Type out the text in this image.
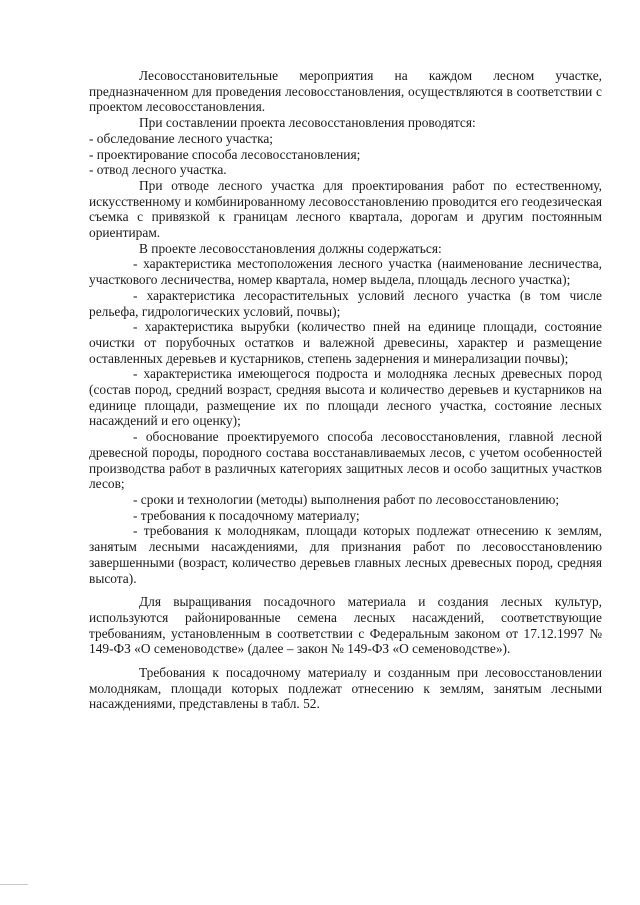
Лесовосстановительные мероприятия на каждом лесном участке, предназначенном для проведения лесовосстановления, осуществляются в соответствии с проектом лесовосстановления.

При составлении проекта лесовосстановления проводятся:

- обследование лесного участка;

- проектирование способа лесовосстановления;

- отвод лесного участка.

При отводе лесного участка для проектирования работ по естественному, искусственному и комбинированному лесовосстановлению проводится его геодезическая съемка с привязкой к границам лесного квартала, дорогам и другим постоянным ориентирам.

В проекте лесовосстановления должны содержаться:

- характеристика местоположения лесного участка (наименование лесничества, участкового лесничества, номер квартала, номер выдела, площадь лесного участка);

- характеристика лесорастительных условий лесного участка (в том числе рельефа, гидрологических условий, почвы);

- характеристика вырубки (количество пней на единице площади, состояние очистки от порубочных остатков и валежной древесины, характер и размещение оставленных деревьев и кустарников, степень задернения и минерализации почвы);

- характеристика имеющегося подроста и молодняка лесных древесных пород (состав пород, средний возраст, средняя высота и количество деревьев и кустарников на единице площади, размещение их по площади лесного участка, состояние лесных насаждений и его оценку);

- обоснование проектируемого способа лесовосстановления, главной лесной древесной породы, породного состава восстанавливаемых лесов, с учетом особенностей производства работ в различных категориях защитных лесов и особо защитных участков лесов;

- сроки и технологии (методы) выполнения работ по лесовосстановлению;

- требования к посадочному материалу;

- требования к молоднякам, площади которых подлежат отнесению к землям, занятым лесными насаждениями, для признания работ по лесовосстановлению завершенными (возраст, количество деревьев главных лесных древесных пород, средняя высота).

Для выращивания посадочного материала и создания лесных культур, используются районированные семена лесных насаждений, соответствующие требованиям, установленным в соответствии с Федеральным законом от 17.12.1997 № 149-ФЗ «О семеноводстве» (далее – закон № 149-ФЗ «О семеноводстве»).

Требования к посадочному материалу и созданным при лесовосстановлении молоднякам, площади которых подлежат отнесению к землям, занятым лесными насаждениями, представлены в табл. 52.
